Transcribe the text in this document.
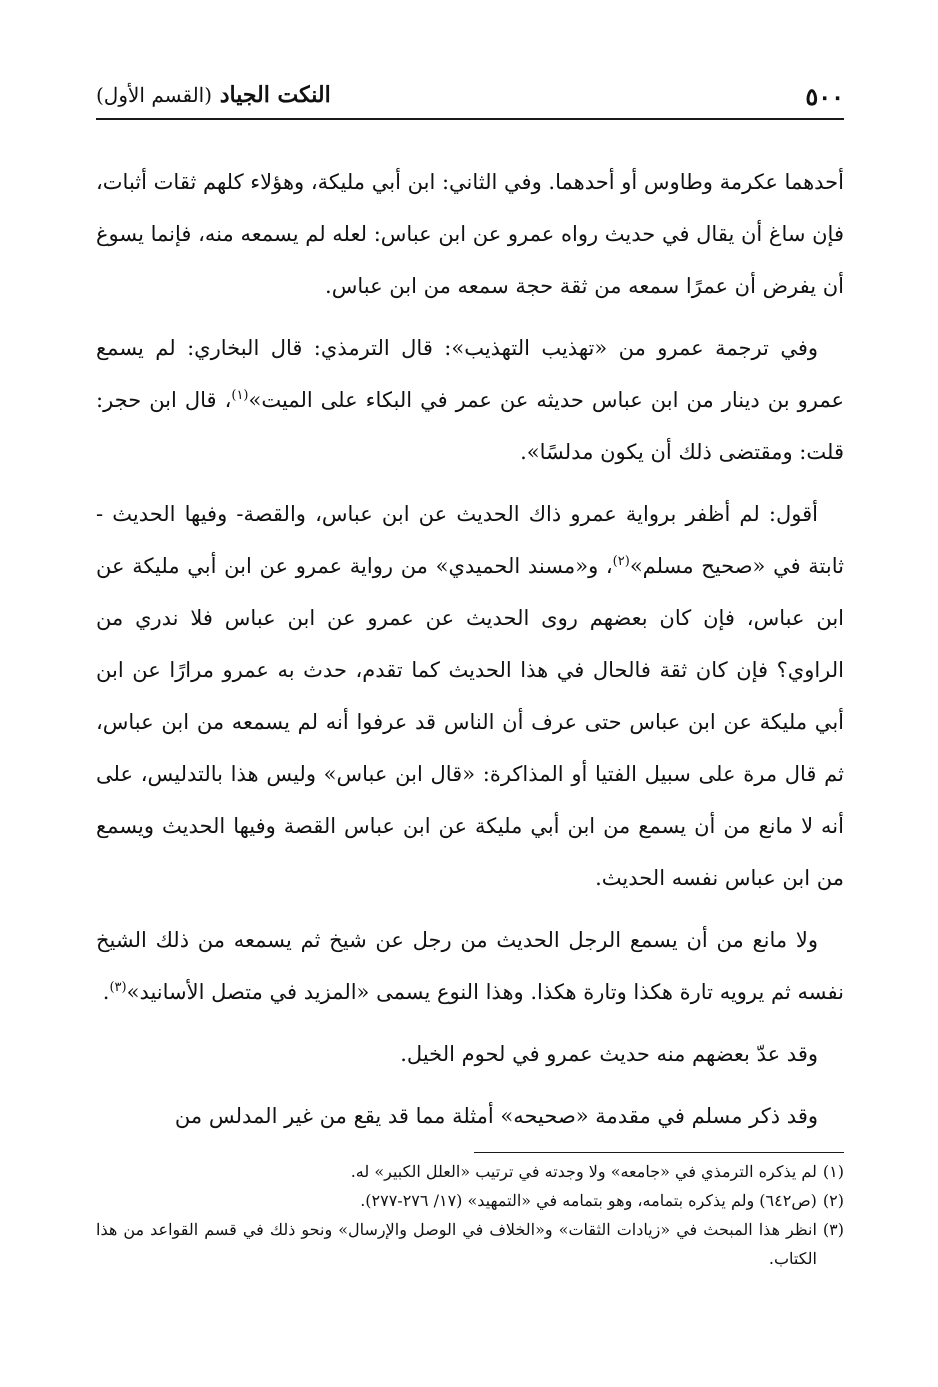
٥٠٠
النكت الجياد (القسم الأول)

أحدهما عكرمة وطاوس أو أحدهما. وفي الثاني: ابن أبي مليكة، وهؤلاء كلهم ثقات أثبات، فإن ساغ أن يقال في حديث رواه عمرو عن ابن عباس: لعله لم يسمعه منه، فإنما يسوغ أن يفرض أن عمرًا سمعه من ثقة حجة سمعه من ابن عباس.

وفي ترجمة عمرو من «تهذيب التهذيب»: قال الترمذي: قال البخاري: لم يسمع عمرو بن دينار من ابن عباس حديثه عن عمر في البكاء على الميت»$^{(١)}$، قال ابن حجر: قلت: ومقتضى ذلك أن يكون مدلسًا».

أقول: لم أظفر برواية عمرو ذاك الحديث عن ابن عباس، والقصة- وفيها الحديث - ثابتة في «صحيح مسلم»$^{(٢)}$، و«مسند الحميدي» من رواية عمرو عن ابن أبي مليكة عن ابن عباس، فإن كان بعضهم روى الحديث عن عمرو عن ابن عباس فلا ندري من الراوي؟ فإن كان ثقة فالحال في هذا الحديث كما تقدم، حدث به عمرو مرارًا عن ابن أبي مليكة عن ابن عباس حتى عرف أن الناس قد عرفوا أنه لم يسمعه من ابن عباس، ثم قال مرة على سبيل الفتيا أو المذاكرة: «قال ابن عباس» وليس هذا بالتدليس، على أنه لا مانع من أن يسمع من ابن أبي مليكة عن ابن عباس القصة وفيها الحديث ويسمع من ابن عباس نفسه الحديث.

ولا مانع من أن يسمع الرجل الحديث من رجل عن شيخ ثم يسمعه من ذلك الشيخ نفسه ثم يرويه تارة هكذا وتارة هكذا. وهذا النوع يسمى «المزيد في متصل الأسانيد»$^{(٣)}$.

وقد عدّ بعضهم منه حديث عمرو في لحوم الخيل.

وقد ذكر مسلم في مقدمة «صحيحه» أمثلة مما قد يقع من غير المدلس من

(١)
لم يذكره الترمذي في «جامعه» ولا وجدته في ترتيب «العلل الكبير» له.
(٢)
(ص٦٤٢) ولم يذكره بتمامه، وهو بتمامه في «التمهيد» (١٧/ ٢٧٦-٢٧٧).
(٣)
انظر هذا المبحث في «زيادات الثقات» و«الخلاف في الوصل والإرسال» ونحو ذلك في قسم القواعد من هذا الكتاب.
